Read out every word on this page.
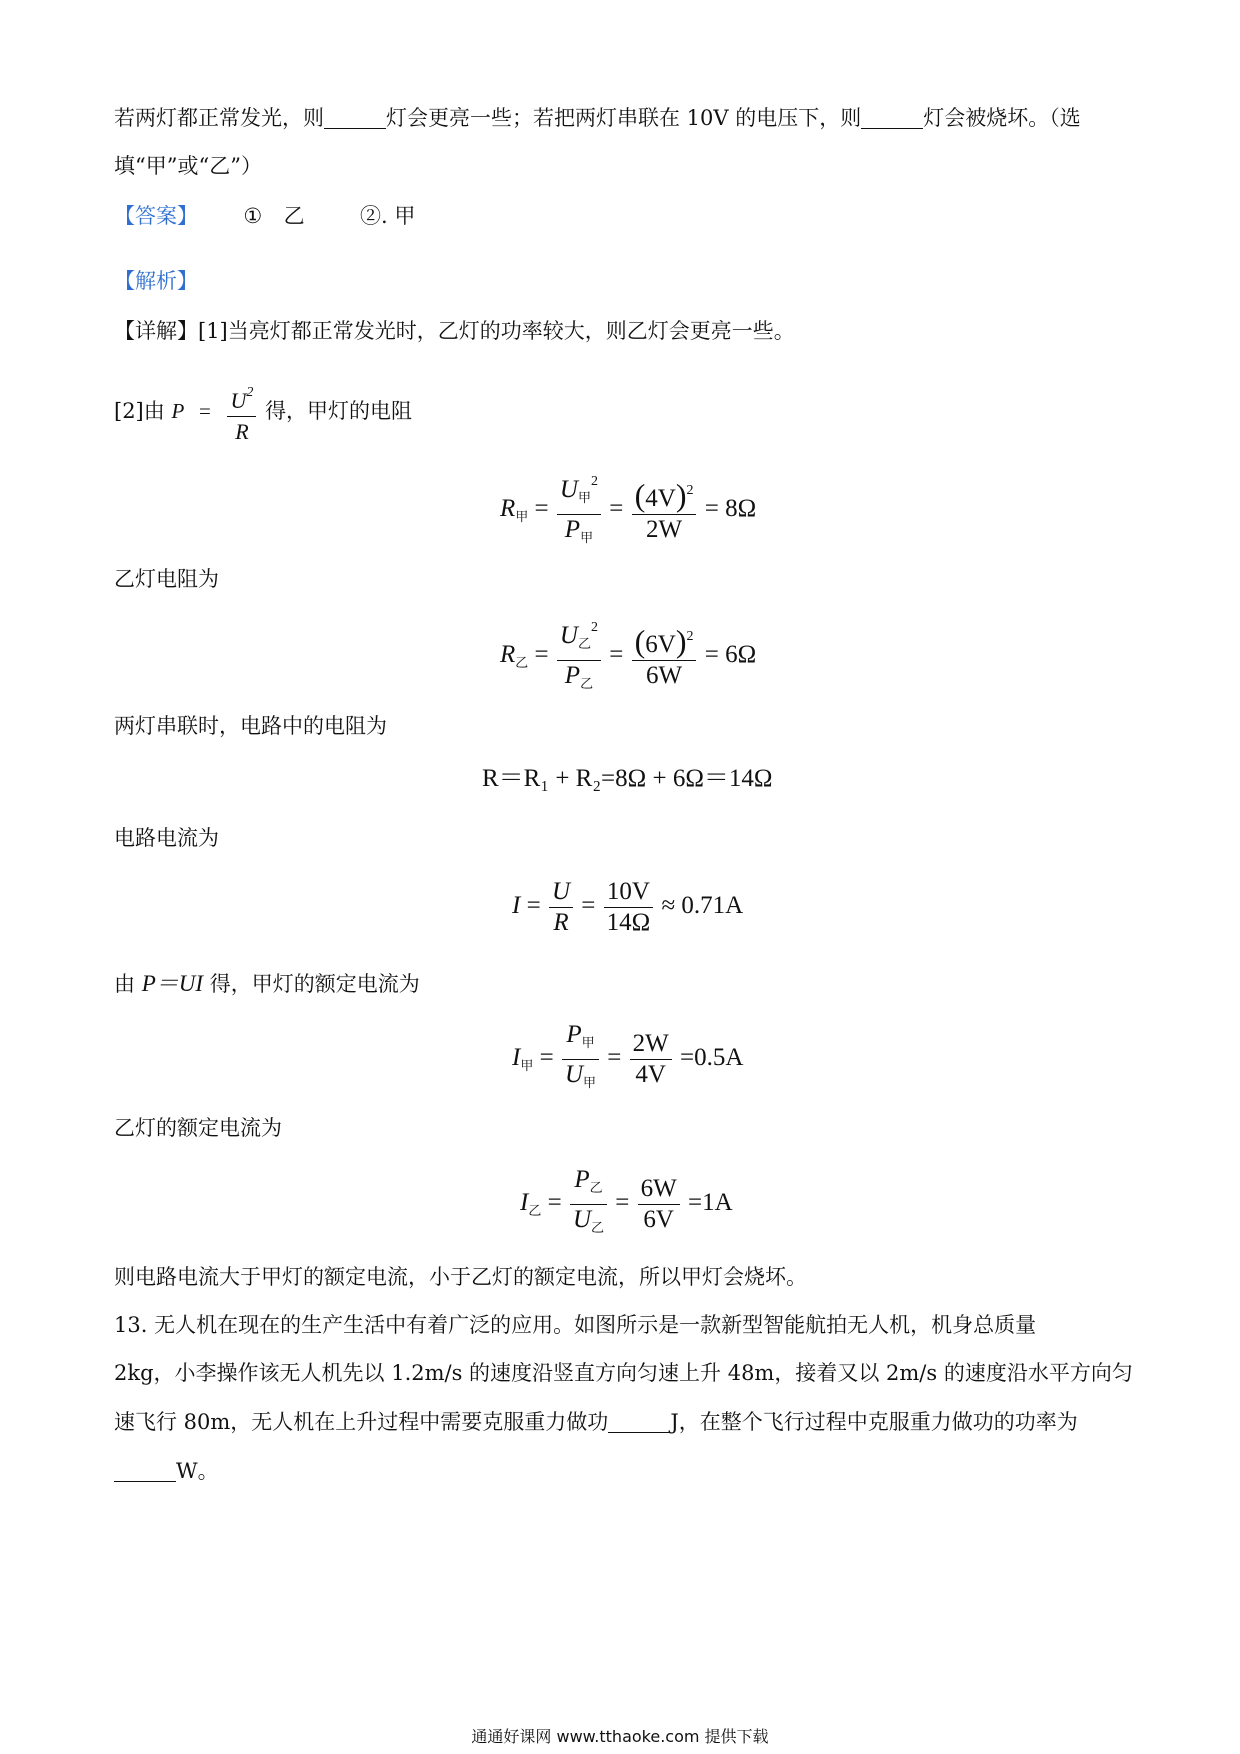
若两灯都正常发光，则	灯会更亮一些；若把两灯串联在 10V 的电压下，则	灯会被烧坏。（选
填“甲”或“乙”）
【答案】 ① 乙	②. 甲
【解析】
【详解】[1]当亮灯都正常发光时，乙灯的功率较大，则乙灯会更亮一些。
[2]由 $P = \frac{U^2}{R}$ 得，甲灯的电阻
$R_甲 = \frac{U_甲^2}{P_甲} = \frac{(4V)^2}{2W} = 8\Omega$
乙灯电阻为
$R_乙 = \frac{U_乙^2}{P_乙} = \frac{(6V)^2}{6W} = 6\Omega$
两灯串联时，电路中的电阻为
R＝R₁ + R₂=8Ω + 6Ω＝14Ω
电路电流为
$I = \frac{U}{R} = \frac{10V}{14\Omega} \approx 0.71A$
由 P＝UI 得，甲灯的额定电流为
$I_甲 = \frac{P_甲}{U_甲} = \frac{2W}{4V} =0.5A$
乙灯的额定电流为
$I_乙 = \frac{P_乙}{U_乙} = \frac{6W}{6V} =1A$
则电路电流大于甲灯的额定电流，小于乙灯的额定电流，所以甲灯会烧坏。
13. 无人机在现在的生产生活中有着广泛的应用。如图所示是一款新型智能航拍无人机，机身总质量
2kg，小李操作该无人机先以 1.2m/s 的速度沿竖直方向匀速上升 48m，接着又以 2m/s 的速度沿水平方向匀
速飞行 80m，无人机在上升过程中需要克服重力做功	J，在整个飞行过程中克服重力做功的功率为
W。
通通好课网 www.tthaoke.com 提供下载
